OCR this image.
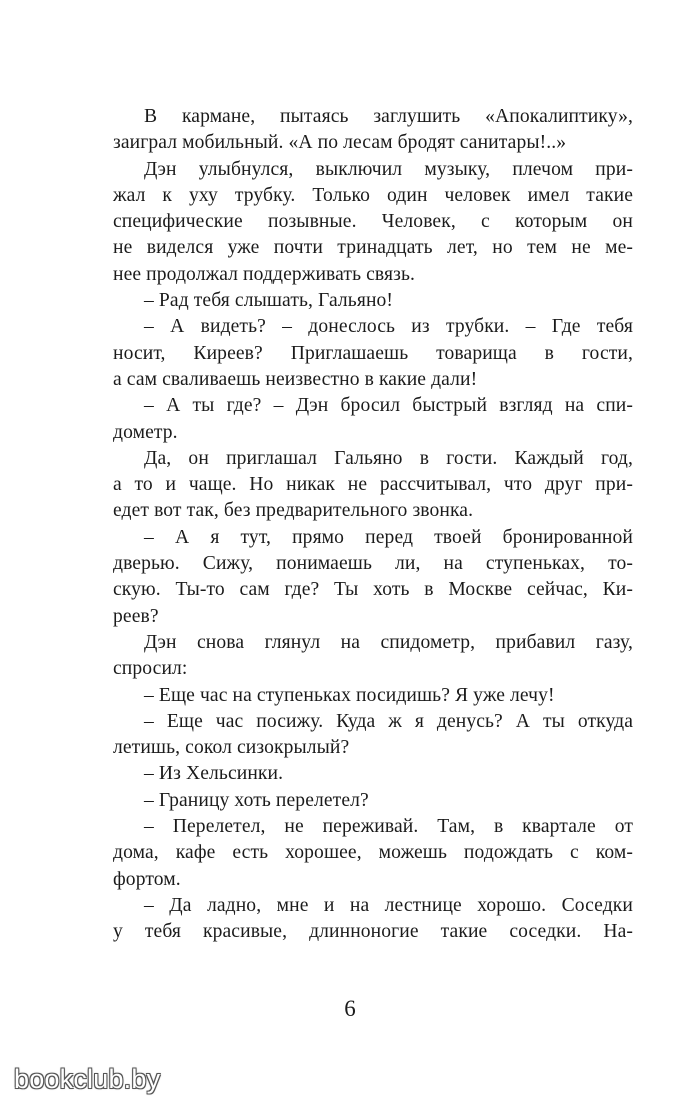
В кармане, пытаясь заглушить «Апокалиптику»,
заиграл мобильный. «А по лесам бродят санитары!..»
Дэн улыбнулся, выключил музыку, плечом при-
жал к уху трубку. Только один человек имел такие
специфические позывные. Человек, с которым он
не виделся уже почти тринадцать лет, но тем не ме-
нее продолжал поддерживать связь.
– Рад тебя слышать, Гальяно!
– А видеть? – донеслось из трубки. – Где тебя
носит, Киреев? Приглашаешь товарища в гости,
а сам сваливаешь неизвестно в какие дали!
– А ты где? – Дэн бросил быстрый взгляд на спи-
дометр.
Да, он приглашал Гальяно в гости. Каждый год,
а то и чаще. Но никак не рассчитывал, что друг при-
едет вот так, без предварительного звонка.
– А я тут, прямо перед твоей бронированной
дверью. Сижу, понимаешь ли, на ступеньках, то-
скую. Ты-то сам где? Ты хоть в Москве сейчас, Ки-
реев?
Дэн снова глянул на спидометр, прибавил газу,
спросил:
– Еще час на ступеньках посидишь? Я уже лечу!
– Еще час посижу. Куда ж я денусь? А ты откуда
летишь, сокол сизокрылый?
– Из Хельсинки.
– Границу хоть перелетел?
– Перелетел, не переживай. Там, в квартале от
дома, кафе есть хорошее, можешь подождать с ком-
фортом.
– Да ладно, мне и на лестнице хорошо. Соседки
у тебя красивые, длинноногие такие соседки. На-
6
bookclub.by
